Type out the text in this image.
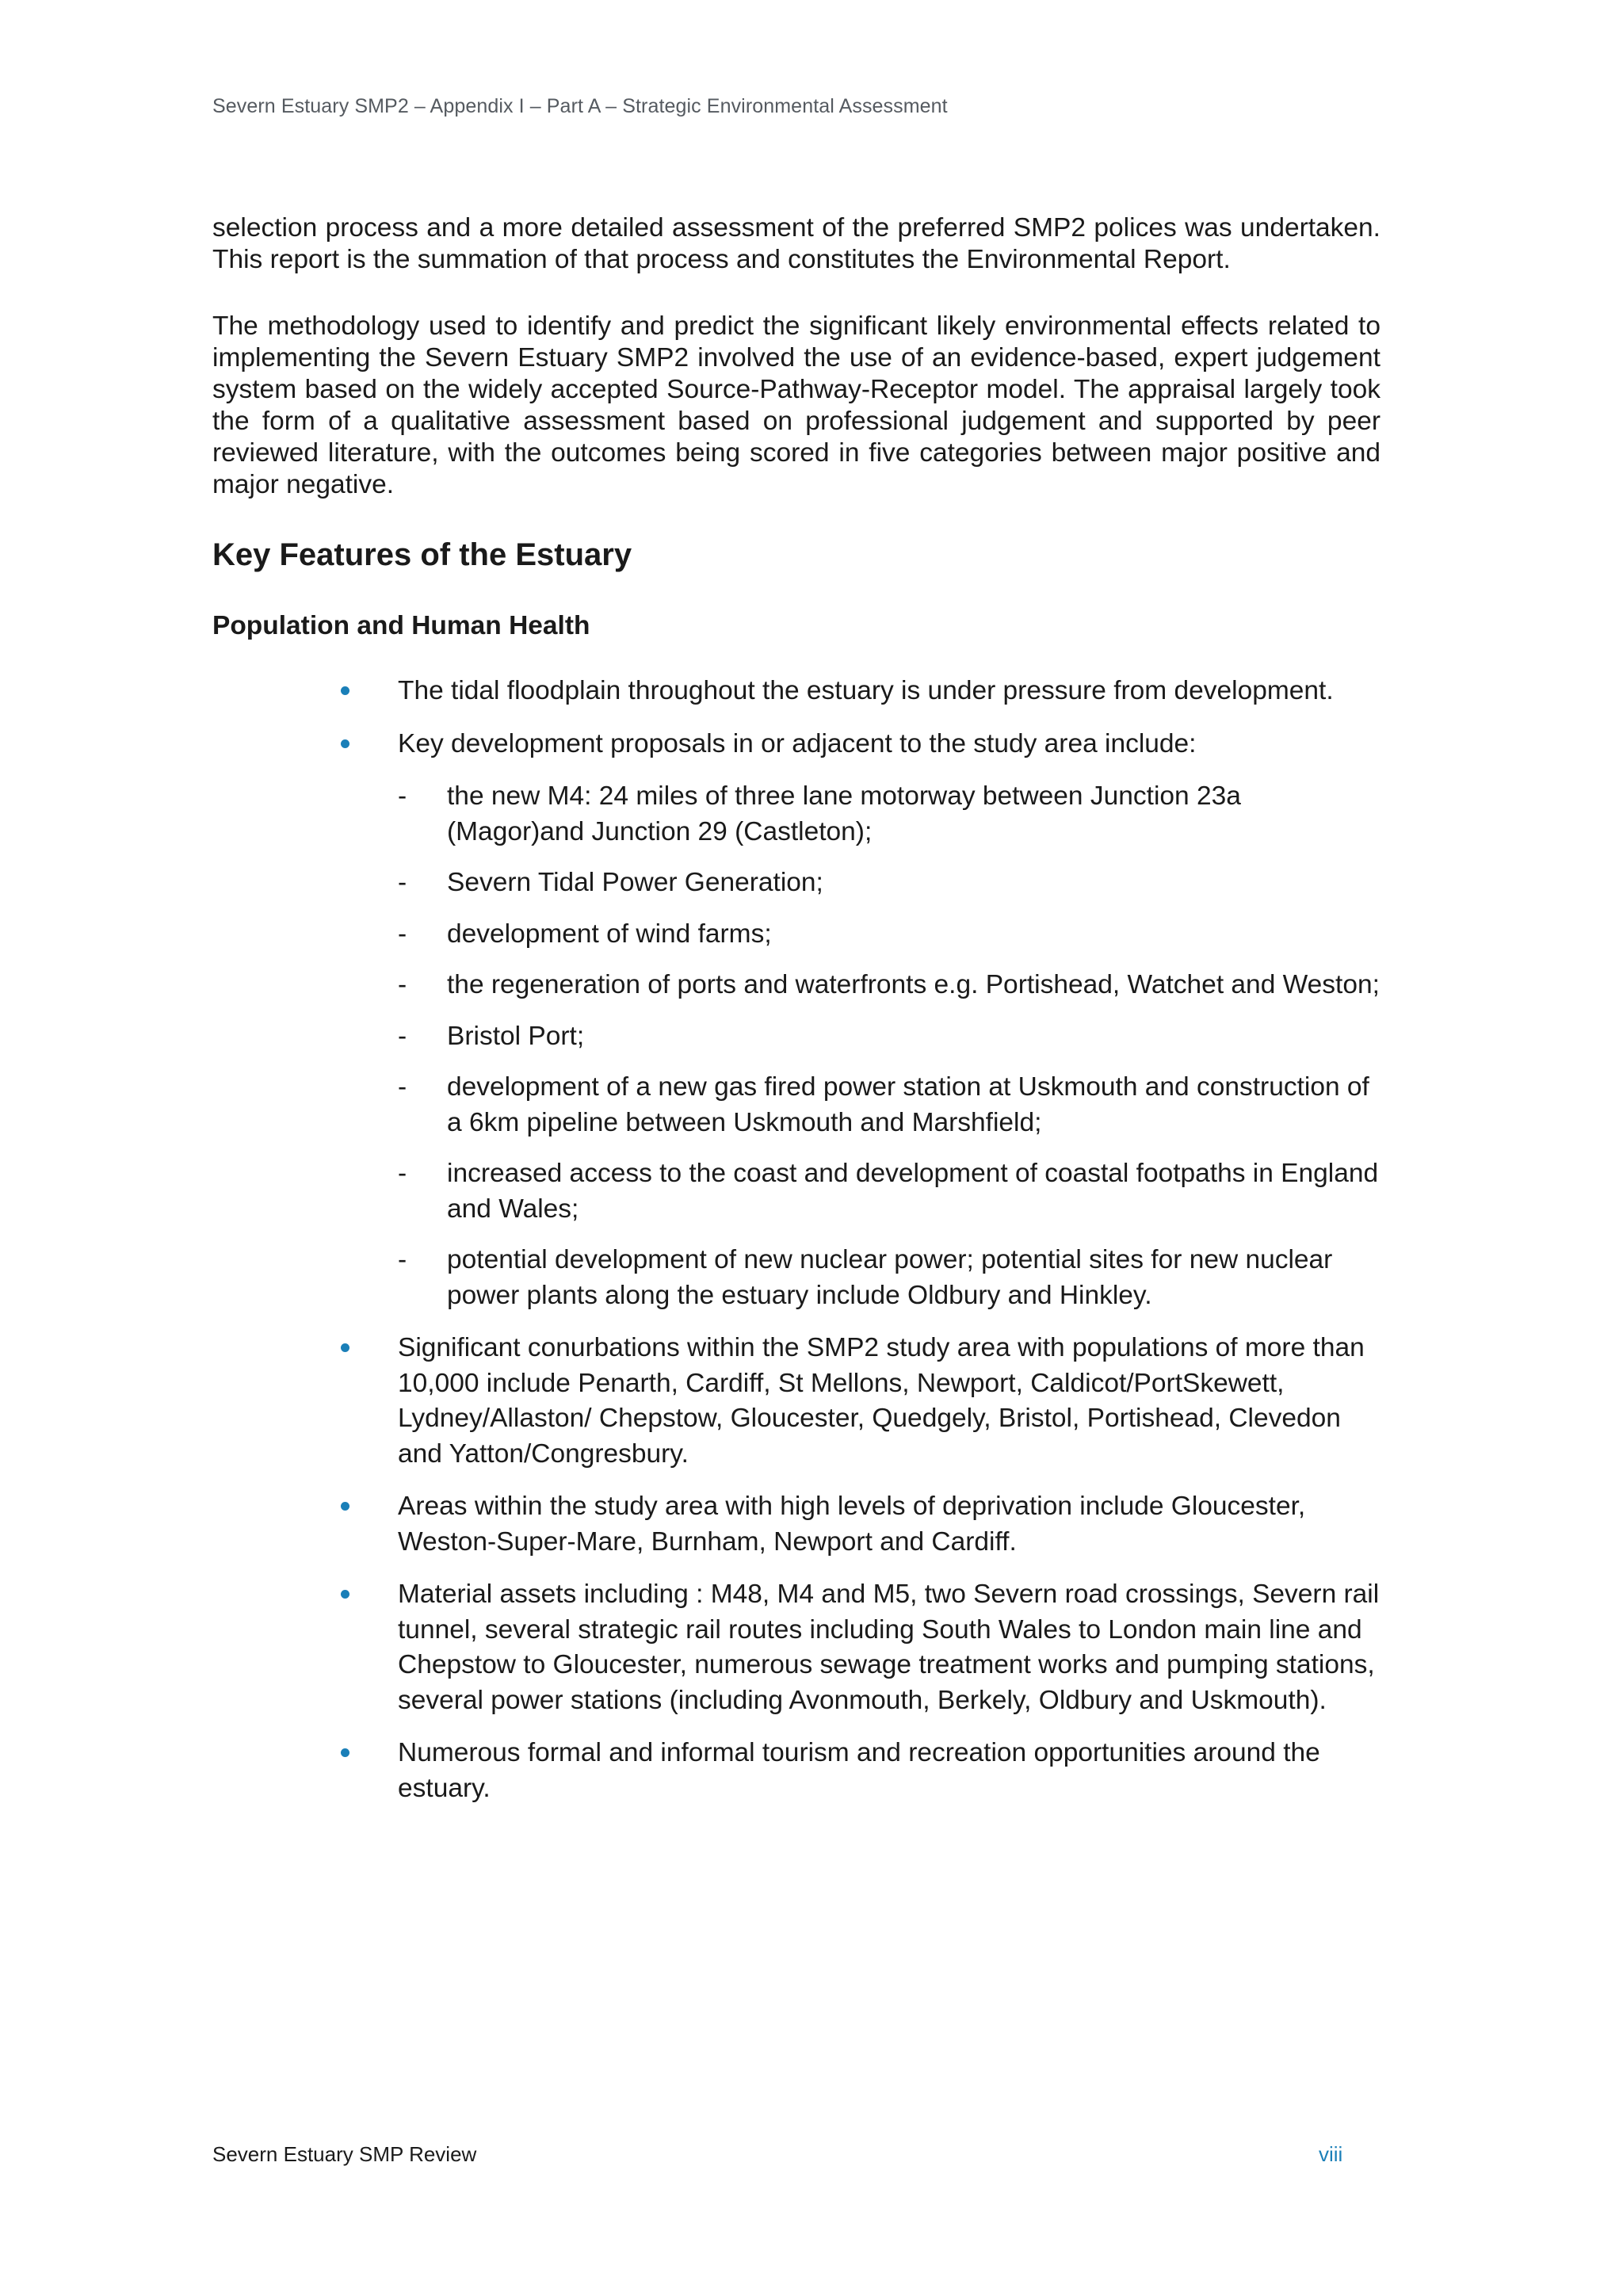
Severn Estuary SMP2 – Appendix I – Part A – Strategic Environmental Assessment

selection process and a more detailed assessment of the preferred SMP2 polices was undertaken. This report is the summation of that process and constitutes the Environmental Report.

The methodology used to identify and predict the significant likely environmental effects related to implementing the Severn Estuary SMP2 involved the use of an evidence-based, expert judgement system based on the widely accepted Source-Pathway-Receptor model. The appraisal largely took the form of a qualitative assessment based on professional judgement and supported by peer reviewed literature, with the outcomes being scored in five categories between major positive and major negative.

Key Features of the Estuary
Population and Human Health
The tidal floodplain throughout the estuary is under pressure from development.
Key development proposals in or adjacent to the study area include:
- the new M4: 24 miles of three lane motorway between Junction 23a (Magor)and Junction 29 (Castleton);
- Severn Tidal Power Generation;
- development of wind farms;
- the regeneration of ports and waterfronts e.g. Portishead, Watchet and Weston;
- Bristol Port;
- development of a new gas fired power station at Uskmouth and construction of a 6km pipeline between Uskmouth and Marshfield;
- increased access to the coast and development of coastal footpaths in England and Wales;
- potential development of new nuclear power; potential sites for new nuclear power plants along the estuary include Oldbury and Hinkley.
Significant conurbations within the SMP2 study area with populations of more than 10,000 include Penarth, Cardiff, St Mellons, Newport, Caldicot/PortSkewett, Lydney/Allaston/ Chepstow, Gloucester, Quedgely, Bristol, Portishead, Clevedon and Yatton/Congresbury.
Areas within the study area with high levels of deprivation include Gloucester, Weston-Super-Mare, Burnham, Newport and Cardiff.
Material assets including : M48, M4 and M5, two Severn road crossings, Severn rail tunnel, several strategic rail routes including South Wales to London main line and Chepstow to Gloucester, numerous sewage treatment works and pumping stations, several power stations (including Avonmouth, Berkely, Oldbury and Uskmouth).
Numerous formal and informal tourism and recreation opportunities around the estuary.
Severn Estuary SMP Review	viii
